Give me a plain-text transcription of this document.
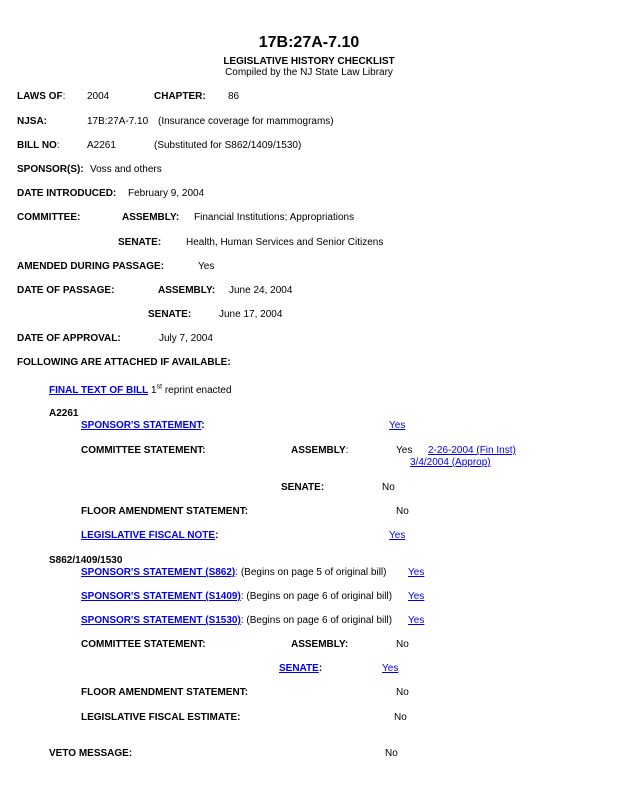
17B:27A-7.10
LEGISLATIVE HISTORY CHECKLIST
Compiled by the NJ State Law Library
LAWS OF: 2004	CHAPTER: 86
NJSA:	17B:27A-7.10 (Insurance coverage for mammograms)
BILL NO:	A2261	(Substituted for S862/1409/1530)
SPONSOR(S): Voss and others
DATE INTRODUCED: February 9, 2004
COMMITTEE:	ASSEMBLY: Financial Institutions; Appropriations
SENATE: Health, Human Services and Senior Citizens
AMENDED DURING PASSAGE:	Yes
DATE OF PASSAGE:	ASSEMBLY: June 24, 2004
SENATE:	June 17, 2004
DATE OF APPROVAL:	July 7, 2004
FOLLOWING ARE ATTACHED IF AVAILABLE:
FINAL TEXT OF BILL 1st reprint enacted
A2261
SPONSOR'S STATEMENT:	Yes
COMMITTEE STATEMENT:	ASSEMBLY:	Yes 2-26-2004 (Fin Inst)
3/4/2004 (Approp)
SENATE:	No
FLOOR AMENDMENT STATEMENT:	No
LEGISLATIVE FISCAL NOTE:	Yes
S862/1409/1530
SPONSOR'S STATEMENT (S862): (Begins on page 5 of original bill) Yes
SPONSOR'S STATEMENT (S1409): (Begins on page 6 of original bill) Yes
SPONSOR'S STATEMENT (S1530): (Begins on page 6 of original bill) Yes
COMMITTEE STATEMENT:	ASSEMBLY:	No
SENATE:	Yes
FLOOR AMENDMENT STATEMENT:	No
LEGISLATIVE FISCAL ESTIMATE:	No
VETO MESSAGE:	No
